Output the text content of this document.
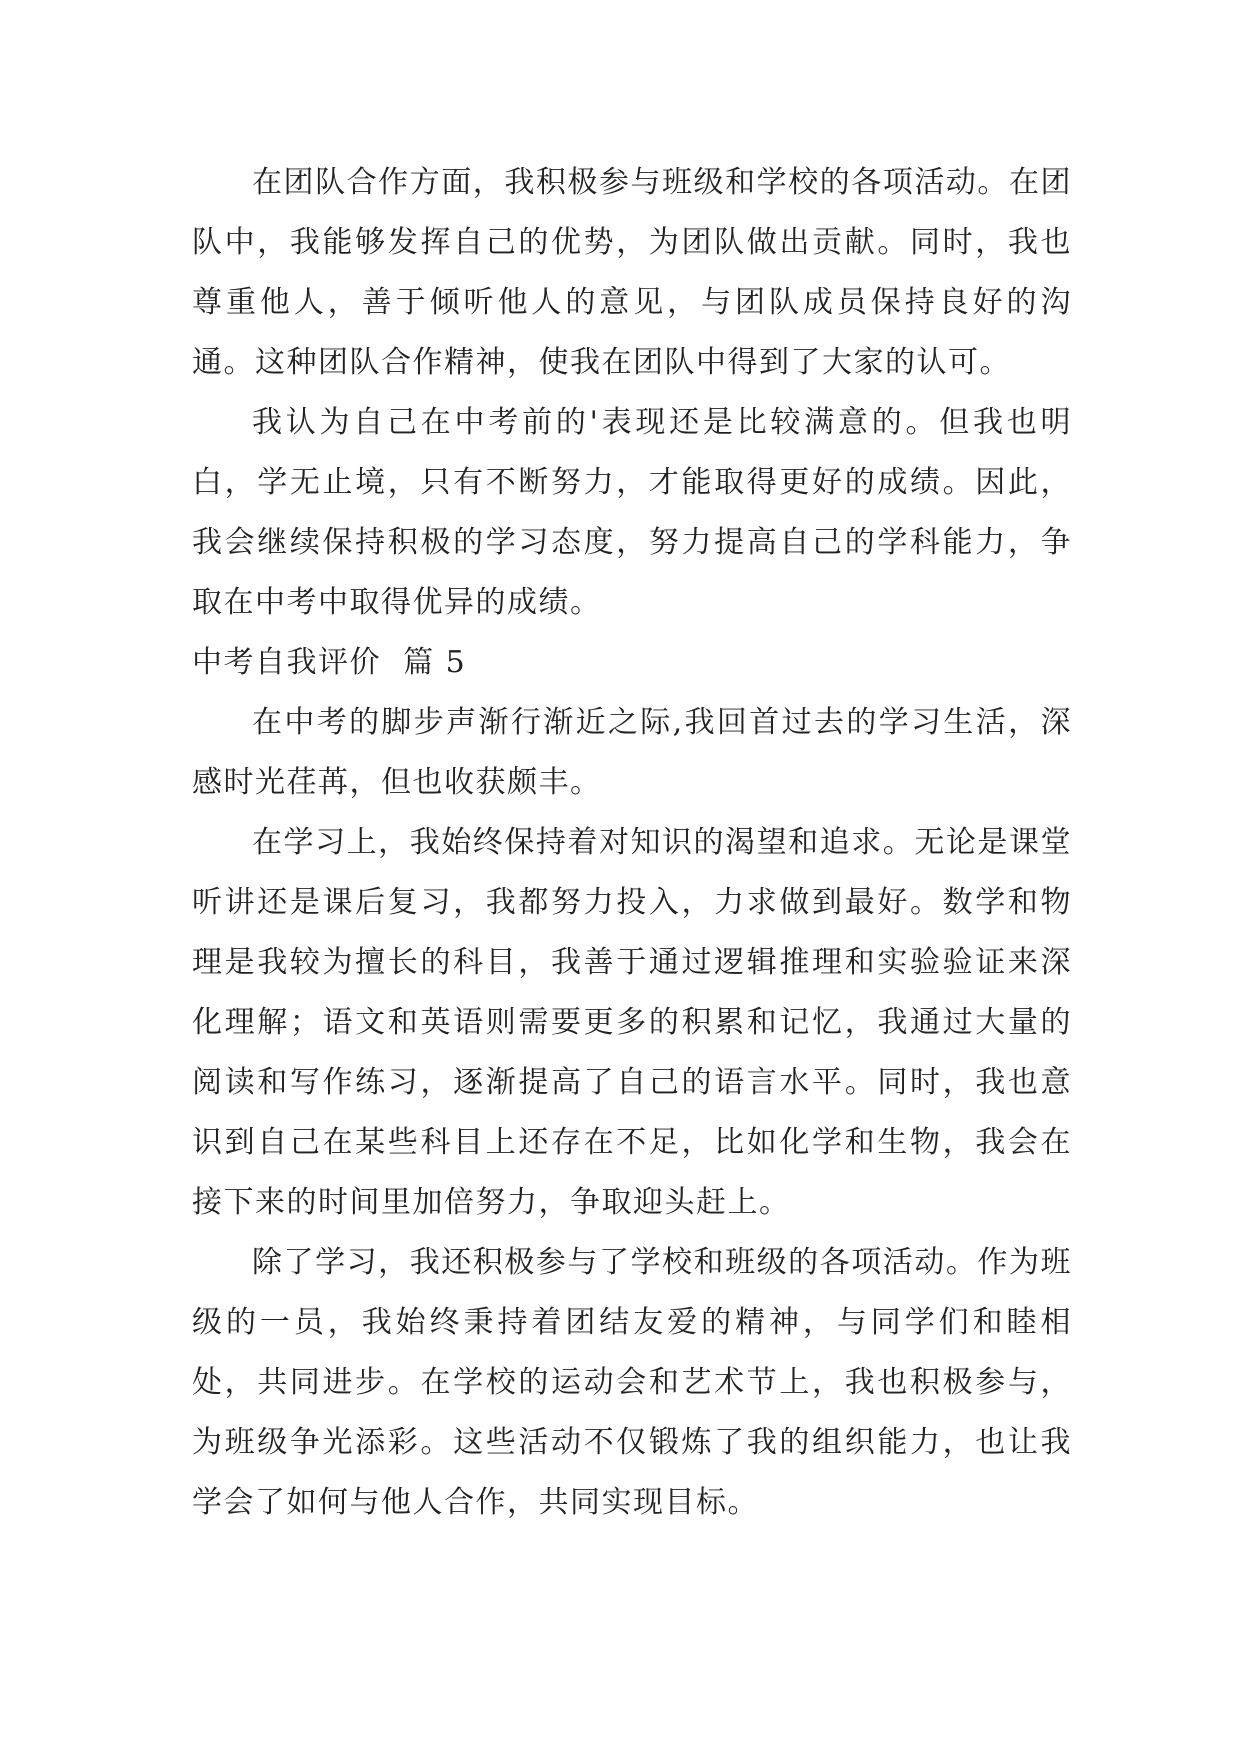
在团队合作方面，我积极参与班级和学校的各项活动。在团队中，我能够发挥自己的优势，为团队做出贡献。同时，我也尊重他人，善于倾听他人的意见，与团队成员保持良好的沟通。这种团队合作精神，使我在团队中得到了大家的认可。

我认为自己在中考前的'表现还是比较满意的。但我也明白，学无止境，只有不断努力，才能取得更好的成绩。因此，我会继续保持积极的学习态度，努力提高自己的学科能力，争取在中考中取得优异的成绩。

中考自我评价  篇 5

在中考的脚步声渐行渐近之际,我回首过去的学习生活，深感时光荏苒，但也收获颇丰。

在学习上，我始终保持着对知识的渴望和追求。无论是课堂听讲还是课后复习，我都努力投入，力求做到最好。数学和物理是我较为擅长的科目，我善于通过逻辑推理和实验验证来深化理解；语文和英语则需要更多的积累和记忆，我通过大量的阅读和写作练习，逐渐提高了自己的语言水平。同时，我也意识到自己在某些科目上还存在不足，比如化学和生物，我会在接下来的时间里加倍努力，争取迎头赶上。

除了学习，我还积极参与了学校和班级的各项活动。作为班级的一员，我始终秉持着团结友爱的精神，与同学们和睦相处，共同进步。在学校的运动会和艺术节上，我也积极参与，为班级争光添彩。这些活动不仅锻炼了我的组织能力，也让我学会了如何与他人合作，共同实现目标。
